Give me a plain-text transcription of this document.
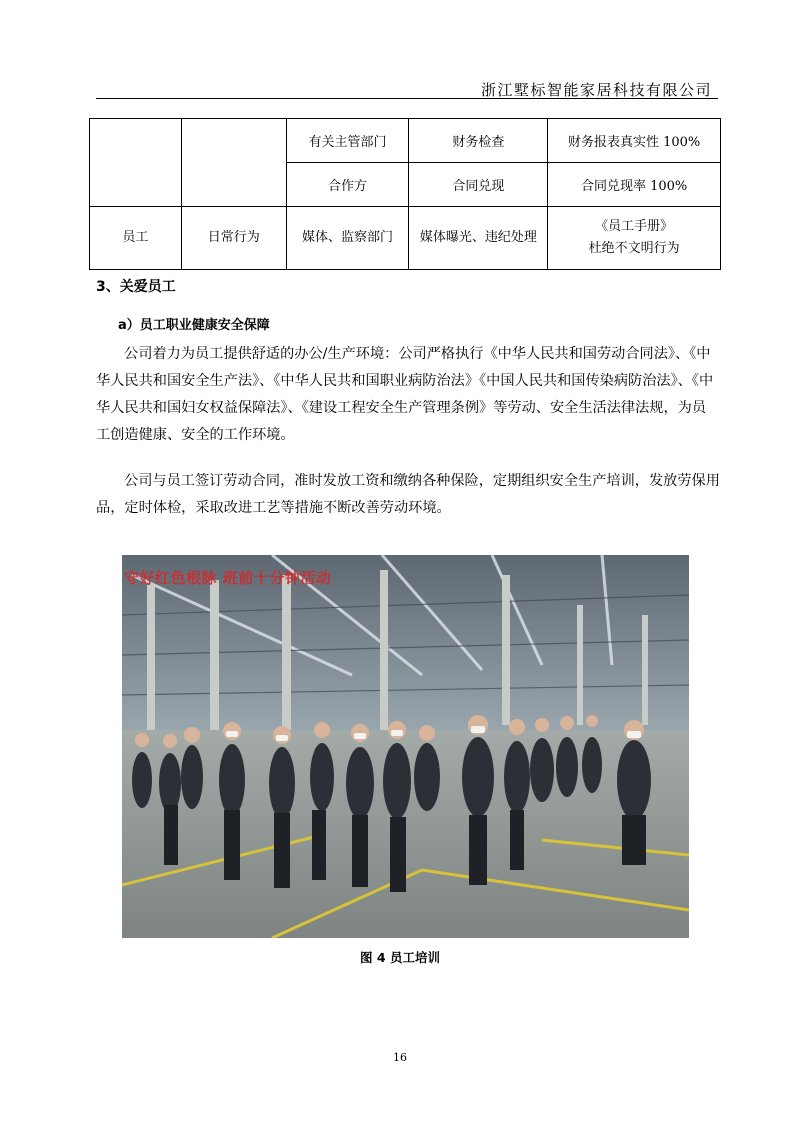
浙江墅标智能家居科技有限公司
		有关主管部门	财务检查	财务报表真实性 100%
		合作方	合同兑现	合同兑现率 100%
员工	日常行为	媒体、监察部门	媒体曝光、违纪处理	《员工手册》
杜绝不文明行为
3、关爱员工
a）员工职业健康安全保障

公司着力为员工提供舒适的办公/生产环境：公司严格执行《中华人民共和国劳动合同法》、《中华人民共和国安全生产法》、《中华人民共和国职业病防治法》《中国人民共和国传染病防治法》、《中华人民共和国妇女权益保障法》、《建设工程安全生产管理条例》等劳动、安全生活法律法规，为员工创造健康、安全的工作环境。

公司与员工签订劳动合同，准时发放工资和缴纳各种保险，定期组织安全生产培训，发放劳保用品，定时体检，采取改进工艺等措施不断改善劳动环境。

守好红色根脉 班前十分钟活动
图 4 员工培训
16
